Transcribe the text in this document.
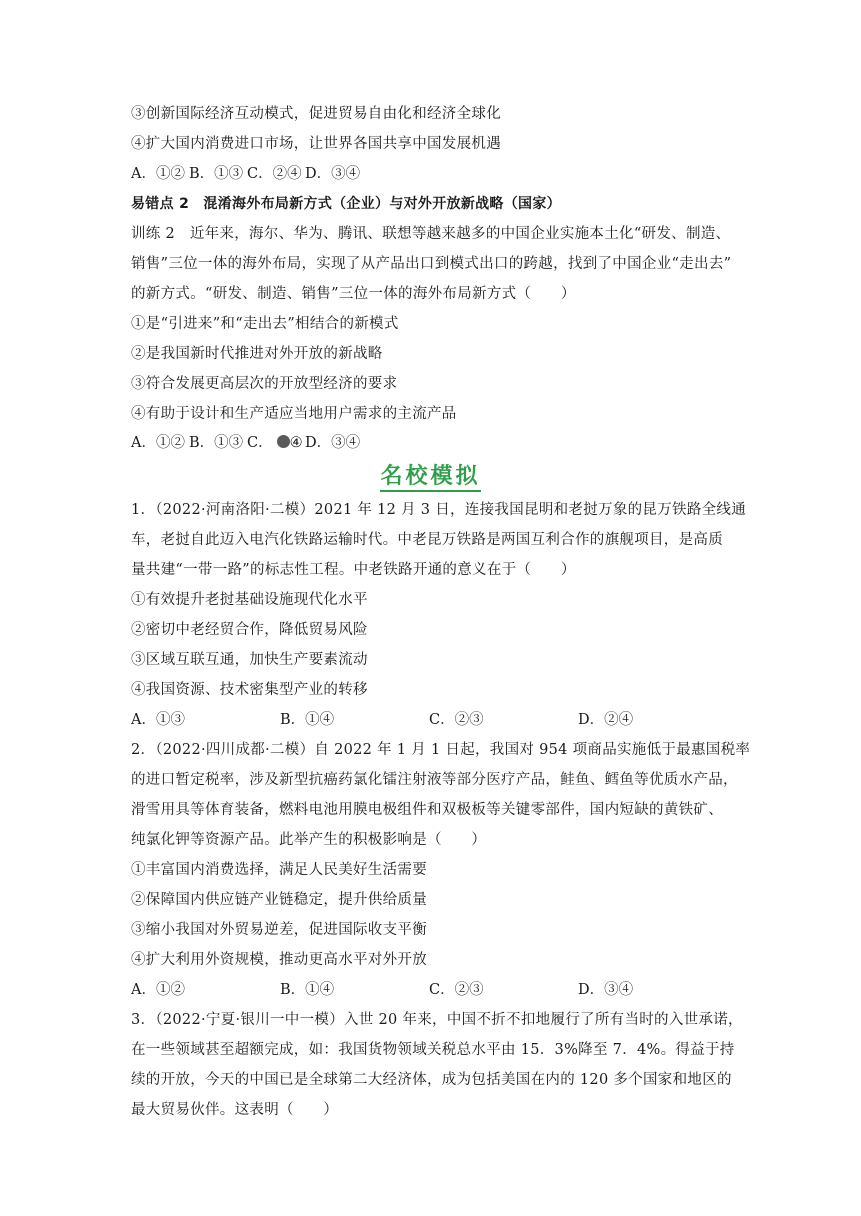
③创新国际经济互动模式，促进贸易自由化和经济全球化
④扩大国内消费进口市场，让世界各国共享中国发展机遇
A．①② B．①③ C．②④ D．③④
易错点 2　混淆海外布局新方式（企业）与对外开放新战略（国家）
训练 2　近年来，海尔、华为、腾讯、联想等越来越多的中国企业实施本土化“研发、制造、
销售”三位一体的海外布局，实现了从产品出口到模式出口的跨越，找到了中国企业“走出去”
的新方式。“研发、制造、销售”三位一体的海外布局新方式（　　）
①是“引进来”和“走出去”相结合的新模式
②是我国新时代推进对外开放的新战略
③符合发展更高层次的开放型经济的要求
④有助于设计和生产适应当地用户需求的主流产品
A．①② B．①③ C． ④ D．③④
名校模拟
1．（2022·河南洛阳·二模）2021 年 12 月 3 日，连接我国昆明和老挝万象的昆万铁路全线通
车，老挝自此迈入电汽化铁路运输时代。中老昆万铁路是两国互利合作的旗舰项目，是高质
量共建“一带一路”的标志性工程。中老铁路开通的意义在于（　　）
①有效提升老挝基础设施现代化水平
②密切中老经贸合作，降低贸易风险
③区域互联互通，加快生产要素流动
④我国资源、技术密集型产业的转移
A．①③	B．①④	C．②③	D．②④
2．（2022·四川成都·二模）自 2022 年 1 月 1 日起，我国对 954 项商品实施低于最惠国税率
的进口暂定税率，涉及新型抗癌药氯化镭注射液等部分医疗产品，鲑鱼、鳕鱼等优质水产品，
滑雪用具等体育装备，燃料电池用膜电极组件和双极板等关键零部件，国内短缺的黄铁矿、
纯氯化钾等资源产品。此举产生的积极影响是（　　）
①丰富国内消费选择，满足人民美好生活需要
②保障国内供应链产业链稳定，提升供给质量
③缩小我国对外贸易逆差，促进国际收支平衡
④扩大利用外资规模，推动更高水平对外开放
A．①②	B．①④	C．②③	D．③④
3．（2022·宁夏·银川一中一模）入世 20 年来，中国不折不扣地履行了所有当时的入世承诺，
在一些领域甚至超额完成，如：我国货物领域关税总水平由 15．3%降至 7．4%。得益于持
续的开放，今天的中国已是全球第二大经济体，成为包括美国在内的 120 多个国家和地区的
最大贸易伙伴。这表明（　　）
